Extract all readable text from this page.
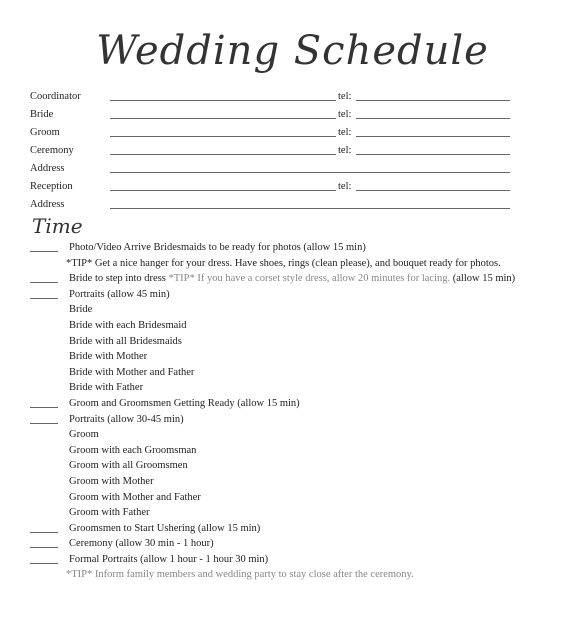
Wedding Schedule
Coordinator	tel:
Bride	tel:
Groom	tel:
Ceremony	tel:
Address
Reception	tel:
Address
Time
Photo/Video Arrive Bridesmaids to be ready for photos (allow 15 min)
*TIP* Get a nice hanger for your dress. Have shoes, rings (clean please), and bouquet ready for photos.
Bride to step into dress *TIP* If you have a corset style dress, allow 20 minutes for lacing. (allow 15 min)
Portraits (allow 45 min)
Bride
Bride with each Bridesmaid
Bride with all Bridesmaids
Bride with Mother
Bride with Mother and Father
Bride with Father
Groom and Groomsmen Getting Ready (allow 15 min)
Portraits (allow 30-45 min)
Groom
Groom with each Groomsman
Groom with all Groomsmen
Groom with Mother
Groom with Mother and Father
Groom with Father
Groomsmen to Start Ushering (allow 15 min)
Ceremony (allow 30 min - 1 hour)
Formal Portraits (allow 1 hour - 1 hour 30 min)
*TIP* Inform family members and wedding party to stay close after the ceremony.
